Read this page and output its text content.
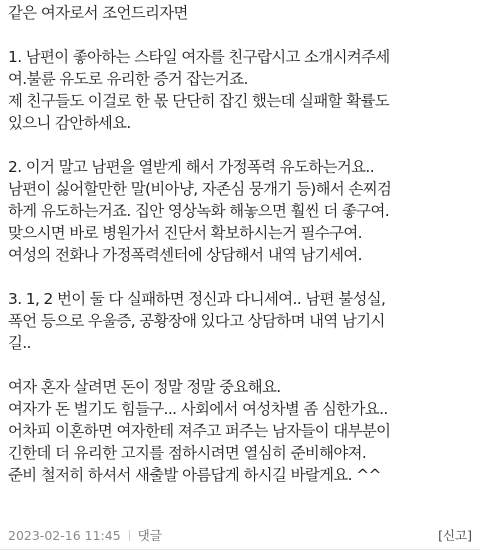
같은 여자로서 조언드리자면
1. 남편이 좋아하는 스타일 여자를 친구랍시고 소개시켜주세
여.불륜 유도로 유리한 증거 잡는거죠.
제 친구들도 이걸로 한 몫 단단히 잡긴 했는데 실패할 확률도
있으니 감안하세요.
2. 이거 말고 남편을 열받게 해서 가정폭력 유도하는거요..
남편이 싫어할만한 말(비아냥, 자존심 뭉개기 등)해서 손찌검
하게 유도하는거죠. 집안 영상녹화 해놓으면 훨씬 더 좋구여.
맞으시면 바로 병원가서 진단서 확보하시는거 필수구여.
여성의 전화나 가정폭력센터에 상담해서 내역 남기세여.
3. 1, 2 번이 둘 다 실패하면 정신과 다니세여.. 남편 불성실,
폭언 등으로 우울증, 공황장애 있다고 상담하며 내역 남기시
길..
여자 혼자 살려면 돈이 정말 정말 중요해요.
여자가 돈 벌기도 힘들구... 사회에서 여성차별 좀 심한가요..
어차피 이혼하면 여자한테 져주고 퍼주는 남자들이 대부분이
긴한데 더 유리한 고지를 점하시려면 열심히 준비해야져.
준비 철저히 하셔서 새출발 아름답게 하시길 바랄게요. ^^
2023-02-16 11:45 댓글	[신고]
